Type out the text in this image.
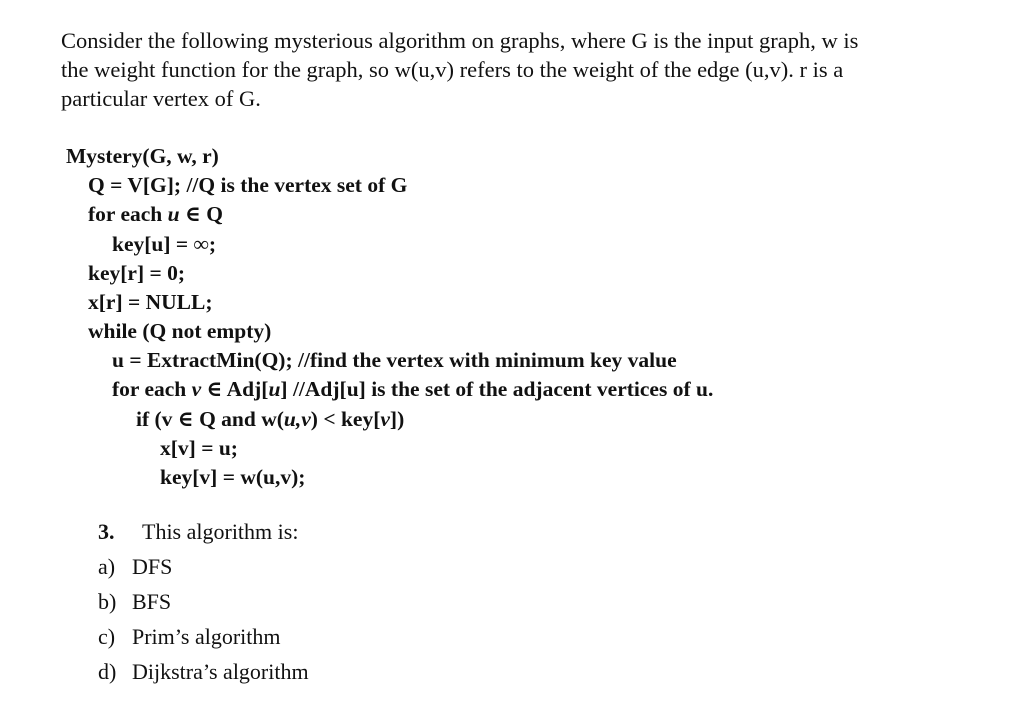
Consider the following mysterious algorithm on graphs, where G is the input graph, w is
the weight function for the graph, so w(u,v) refers to the weight of the edge (u,v). r is a
particular vertex of G.
Mystery(G, w, r)
Q = V[G]; //Q is the vertex set of G
for each u ∈ Q
key[u] = ∞;
key[r] = 0;
x[r] = NULL;
while (Q not empty)
u = ExtractMin(Q); //find the vertex with minimum key value
for each v ∈ Adj[u] //Adj[u] is the set of the adjacent vertices of u.
if (v ∈ Q and w(u,v) < key[v])
x[v] = u;
key[v] = w(u,v);
3. This algorithm is:
a) DFS
b) BFS
c) Prim’s algorithm
d) Dijkstra’s algorithm
